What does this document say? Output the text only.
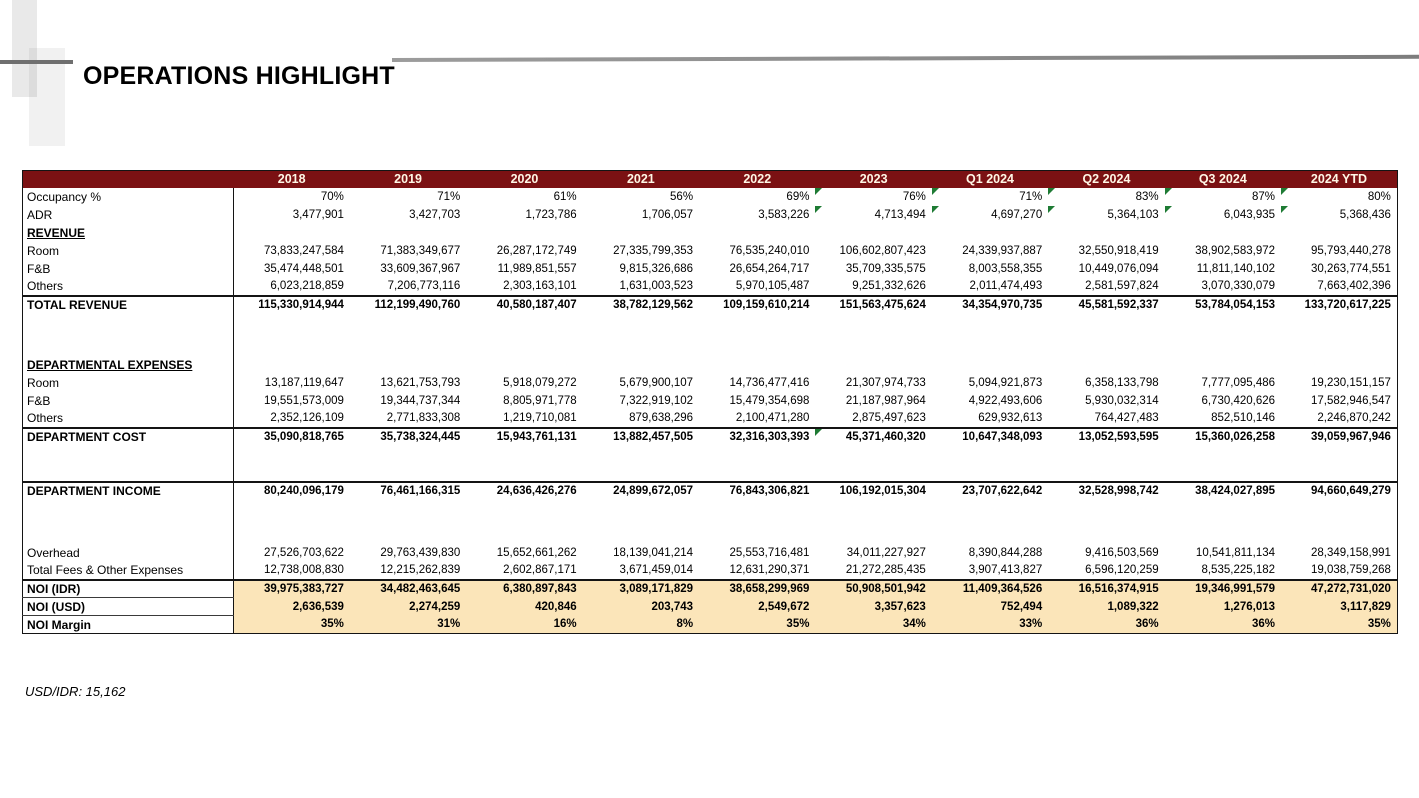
OPERATIONS HIGHLIGHT
	2018	2019	2020	2021	2022	2023	Q1 2024	Q2 2024	Q3 2024	2024 YTD
Occupancy %	70%	71%	61%	56%	69%	76%	71%	83%	87%	80%

ADR	3,477,901	3,427,703	1,723,786	1,706,057	3,583,226	4,713,494	4,697,270	5,364,103	6,043,935	5,368,436

REVENUE										
Room	73,833,247,584	71,383,349,677	26,287,172,749	27,335,799,353	76,535,240,010	106,602,807,423	24,339,937,887	32,550,918,419	38,902,583,972	95,793,440,278
F&B	35,474,448,501	33,609,367,967	11,989,851,557	9,815,326,686	26,654,264,717	35,709,335,575	8,003,558,355	10,449,076,094	11,811,140,102	30,263,774,551
Others	6,023,218,859	7,206,773,116	2,303,163,101	1,631,003,523	5,970,105,487	9,251,332,626	2,011,474,493	2,581,597,824	3,070,330,079	7,663,402,396
TOTAL REVENUE	115,330,914,944	112,199,490,760	40,580,187,407	38,782,129,562	109,159,610,214	151,563,475,624	34,354,970,735	45,581,592,337	53,784,054,153	133,720,617,225
DEPARTMENTAL EXPENSES										
Room	13,187,119,647	13,621,753,793	5,918,079,272	5,679,900,107	14,736,477,416	21,307,974,733	5,094,921,873	6,358,133,798	7,777,095,486	19,230,151,157
F&B	19,551,573,009	19,344,737,344	8,805,971,778	7,322,919,102	15,479,354,698	21,187,987,964	4,922,493,606	5,930,032,314	6,730,420,626	17,582,946,547
Others	2,352,126,109	2,771,833,308	1,219,710,081	879,638,296	2,100,471,280	2,875,497,623	629,932,613	764,427,483	852,510,146	2,246,870,242
DEPARTMENT COST	35,090,818,765	35,738,324,445	15,943,761,131	13,882,457,505	32,316,303,393	45,371,460,320	10,647,348,093	13,052,593,595	15,360,026,258	39,059,967,946
DEPARTMENT INCOME	80,240,096,179	76,461,166,315	24,636,426,276	24,899,672,057	76,843,306,821	106,192,015,304	23,707,622,642	32,528,998,742	38,424,027,895	94,660,649,279
Overhead	27,526,703,622	29,763,439,830	15,652,661,262	18,139,041,214	25,553,716,481	34,011,227,927	8,390,844,288	9,416,503,569	10,541,811,134	28,349,158,991
Total Fees & Other Expenses	12,738,008,830	12,215,262,839	2,602,867,171	3,671,459,014	12,631,290,371	21,272,285,435	3,907,413,827	6,596,120,259	8,535,225,182	19,038,759,268
NOI (IDR)	39,975,383,727	34,482,463,645	6,380,897,843	3,089,171,829	38,658,299,969	50,908,501,942	11,409,364,526	16,516,374,915	19,346,991,579	47,272,731,020
NOI (USD)	2,636,539	2,274,259	420,846	203,743	2,549,672	3,357,623	752,494	1,089,322	1,276,013	3,117,829
NOI Margin	35%	31%	16%	8%	35%	34%	33%	36%	36%	35%
USD/IDR: 15,162
